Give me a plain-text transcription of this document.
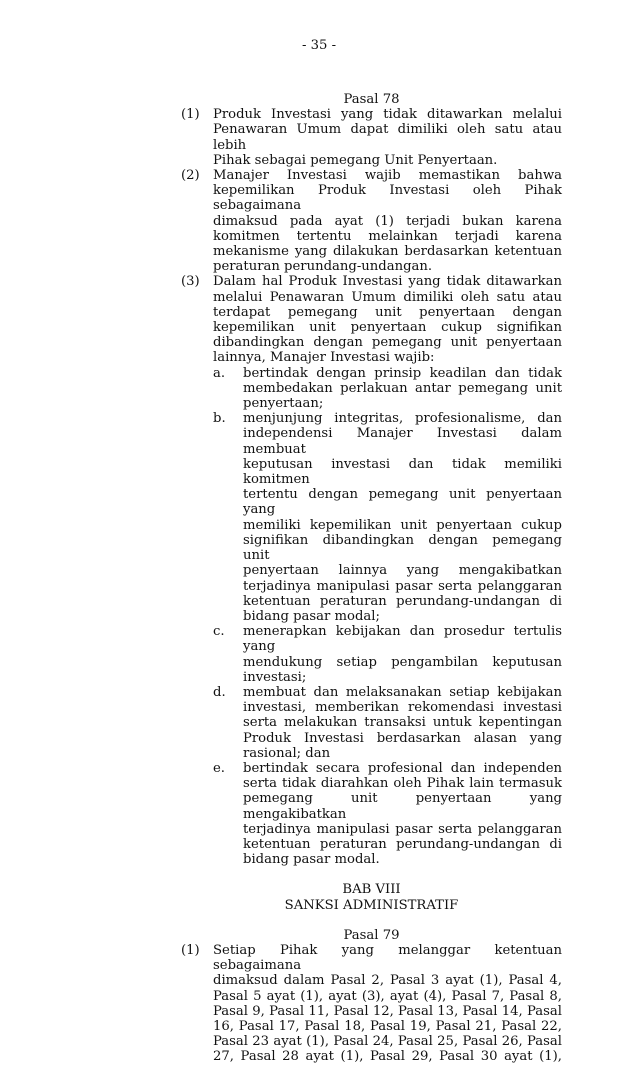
- 35 -
Pasal 78
(1) Produk Investasi yang tidak ditawarkan melalui
Penawaran Umum dapat dimiliki oleh satu atau lebih
Pihak sebagai pemegang Unit Penyertaan.
(2) Manajer Investasi wajib memastikan bahwa
kepemilikan Produk Investasi oleh Pihak sebagaimana
dimaksud pada ayat (1) terjadi bukan karena
komitmen tertentu melainkan terjadi karena
mekanisme yang dilakukan berdasarkan ketentuan
peraturan perundang-undangan.
(3) Dalam hal Produk Investasi yang tidak ditawarkan
melalui Penawaran Umum dimiliki oleh satu atau
terdapat pemegang unit penyertaan dengan
kepemilikan unit penyertaan cukup signifikan
dibandingkan dengan pemegang unit penyertaan
lainnya, Manajer Investasi wajib:
a. bertindak dengan prinsip keadilan dan tidak
membedakan perlakuan antar pemegang unit
penyertaan;
b. menjunjung integritas, profesionalisme, dan
independensi Manajer Investasi dalam membuat
keputusan investasi dan tidak memiliki komitmen
tertentu dengan pemegang unit penyertaan yang
memiliki kepemilikan unit penyertaan cukup
signifikan dibandingkan dengan pemegang unit
penyertaan lainnya yang mengakibatkan
terjadinya manipulasi pasar serta pelanggaran
ketentuan peraturan perundang-undangan di
bidang pasar modal;
c. menerapkan kebijakan dan prosedur tertulis yang
mendukung setiap pengambilan keputusan
investasi;
d. membuat dan melaksanakan setiap kebijakan
investasi, memberikan rekomendasi investasi
serta melakukan transaksi untuk kepentingan
Produk Investasi berdasarkan alasan yang
rasional; dan
e. bertindak secara profesional dan independen
serta tidak diarahkan oleh Pihak lain termasuk
pemegang unit penyertaan yang mengakibatkan
terjadinya manipulasi pasar serta pelanggaran
ketentuan peraturan perundang-undangan di
bidang pasar modal.
BAB VIII
SANKSI ADMINISTRATIF
Pasal 79
(1) Setiap Pihak yang melanggar ketentuan sebagaimana
dimaksud dalam Pasal 2, Pasal 3 ayat (1), Pasal 4,
Pasal 5 ayat (1), ayat (3), ayat (4), Pasal 7, Pasal 8,
Pasal 9, Pasal 11, Pasal 12, Pasal 13, Pasal 14, Pasal
16, Pasal 17, Pasal 18, Pasal 19, Pasal 21, Pasal 22,
Pasal 23 ayat (1), Pasal 24, Pasal 25, Pasal 26, Pasal
27, Pasal 28 ayat (1), Pasal 29, Pasal 30 ayat (1),
